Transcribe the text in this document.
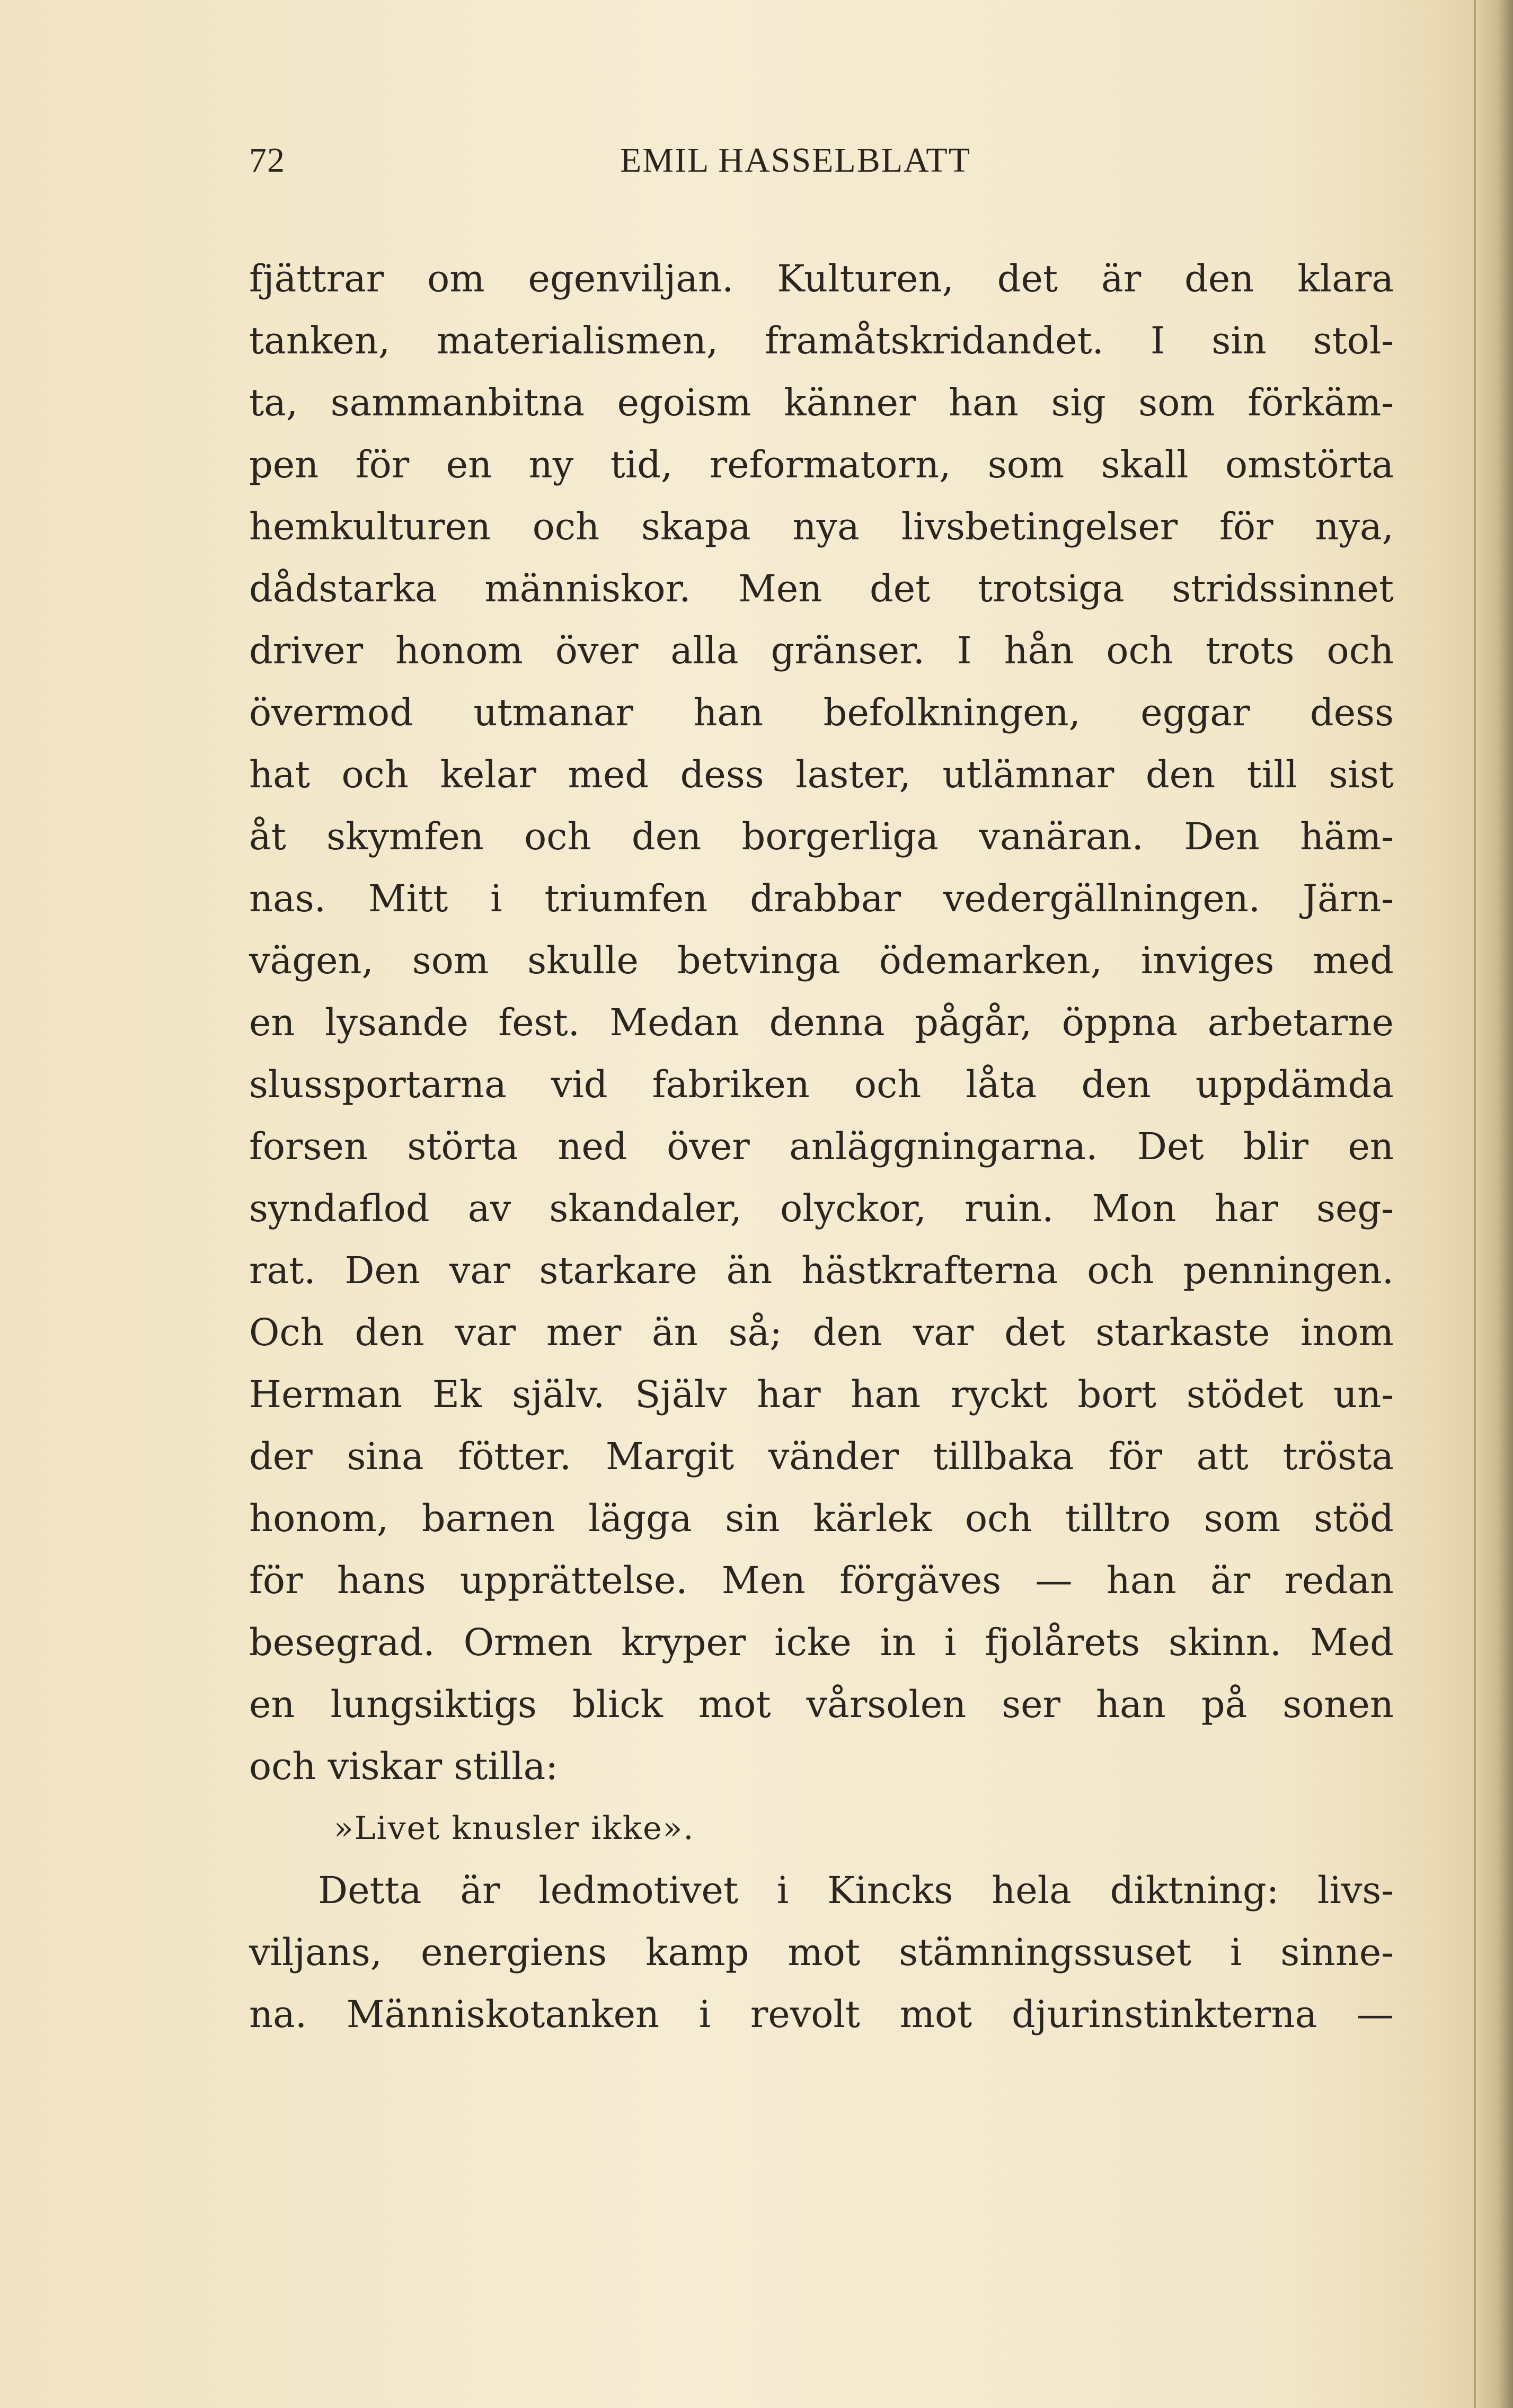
72	EMIL HASSELBLATT
fjättrar om egenviljan. Kulturen, det är den klara
tanken, materialismen, framåtskridandet. I sin stol-
ta, sammanbitna egoism känner han sig som förkäm-
pen för en ny tid, reformatorn, som skall omstörta
hemkulturen och skapa nya livsbetingelser för nya,
dådstarka människor. Men det trotsiga stridssinnet
driver honom över alla gränser. I hån och trots och
övermod utmanar han befolkningen, eggar dess
hat och kelar med dess laster, utlämnar den till sist
åt skymfen och den borgerliga vanäran. Den häm-
nas. Mitt i triumfen drabbar vedergällningen. Järn-
vägen, som skulle betvinga ödemarken, inviges med
en lysande fest. Medan denna pågår, öppna arbetarne
slussportarna vid fabriken och låta den uppdämda
forsen störta ned över anläggningarna. Det blir en
syndaflod av skandaler, olyckor, ruin. Mon har seg-
rat. Den var starkare än hästkrafterna och penningen.
Och den var mer än så; den var det starkaste inom
Herman Ek själv. Själv har han ryckt bort stödet un-
der sina fötter. Margit vänder tillbaka för att trösta
honom, barnen lägga sin kärlek och tilltro som stöd
för hans upprättelse. Men förgäves — han är redan
besegrad. Ormen kryper icke in i fjolårets skinn. Med
en lungsiktigs blick mot vårsolen ser han på sonen
och viskar stilla:
»Livet knusler ikke».
Detta är ledmotivet i Kincks hela diktning: livs-
viljans, energiens kamp mot stämningssuset i sinne-
na. Människotanken i revolt mot djurinstinkterna —
